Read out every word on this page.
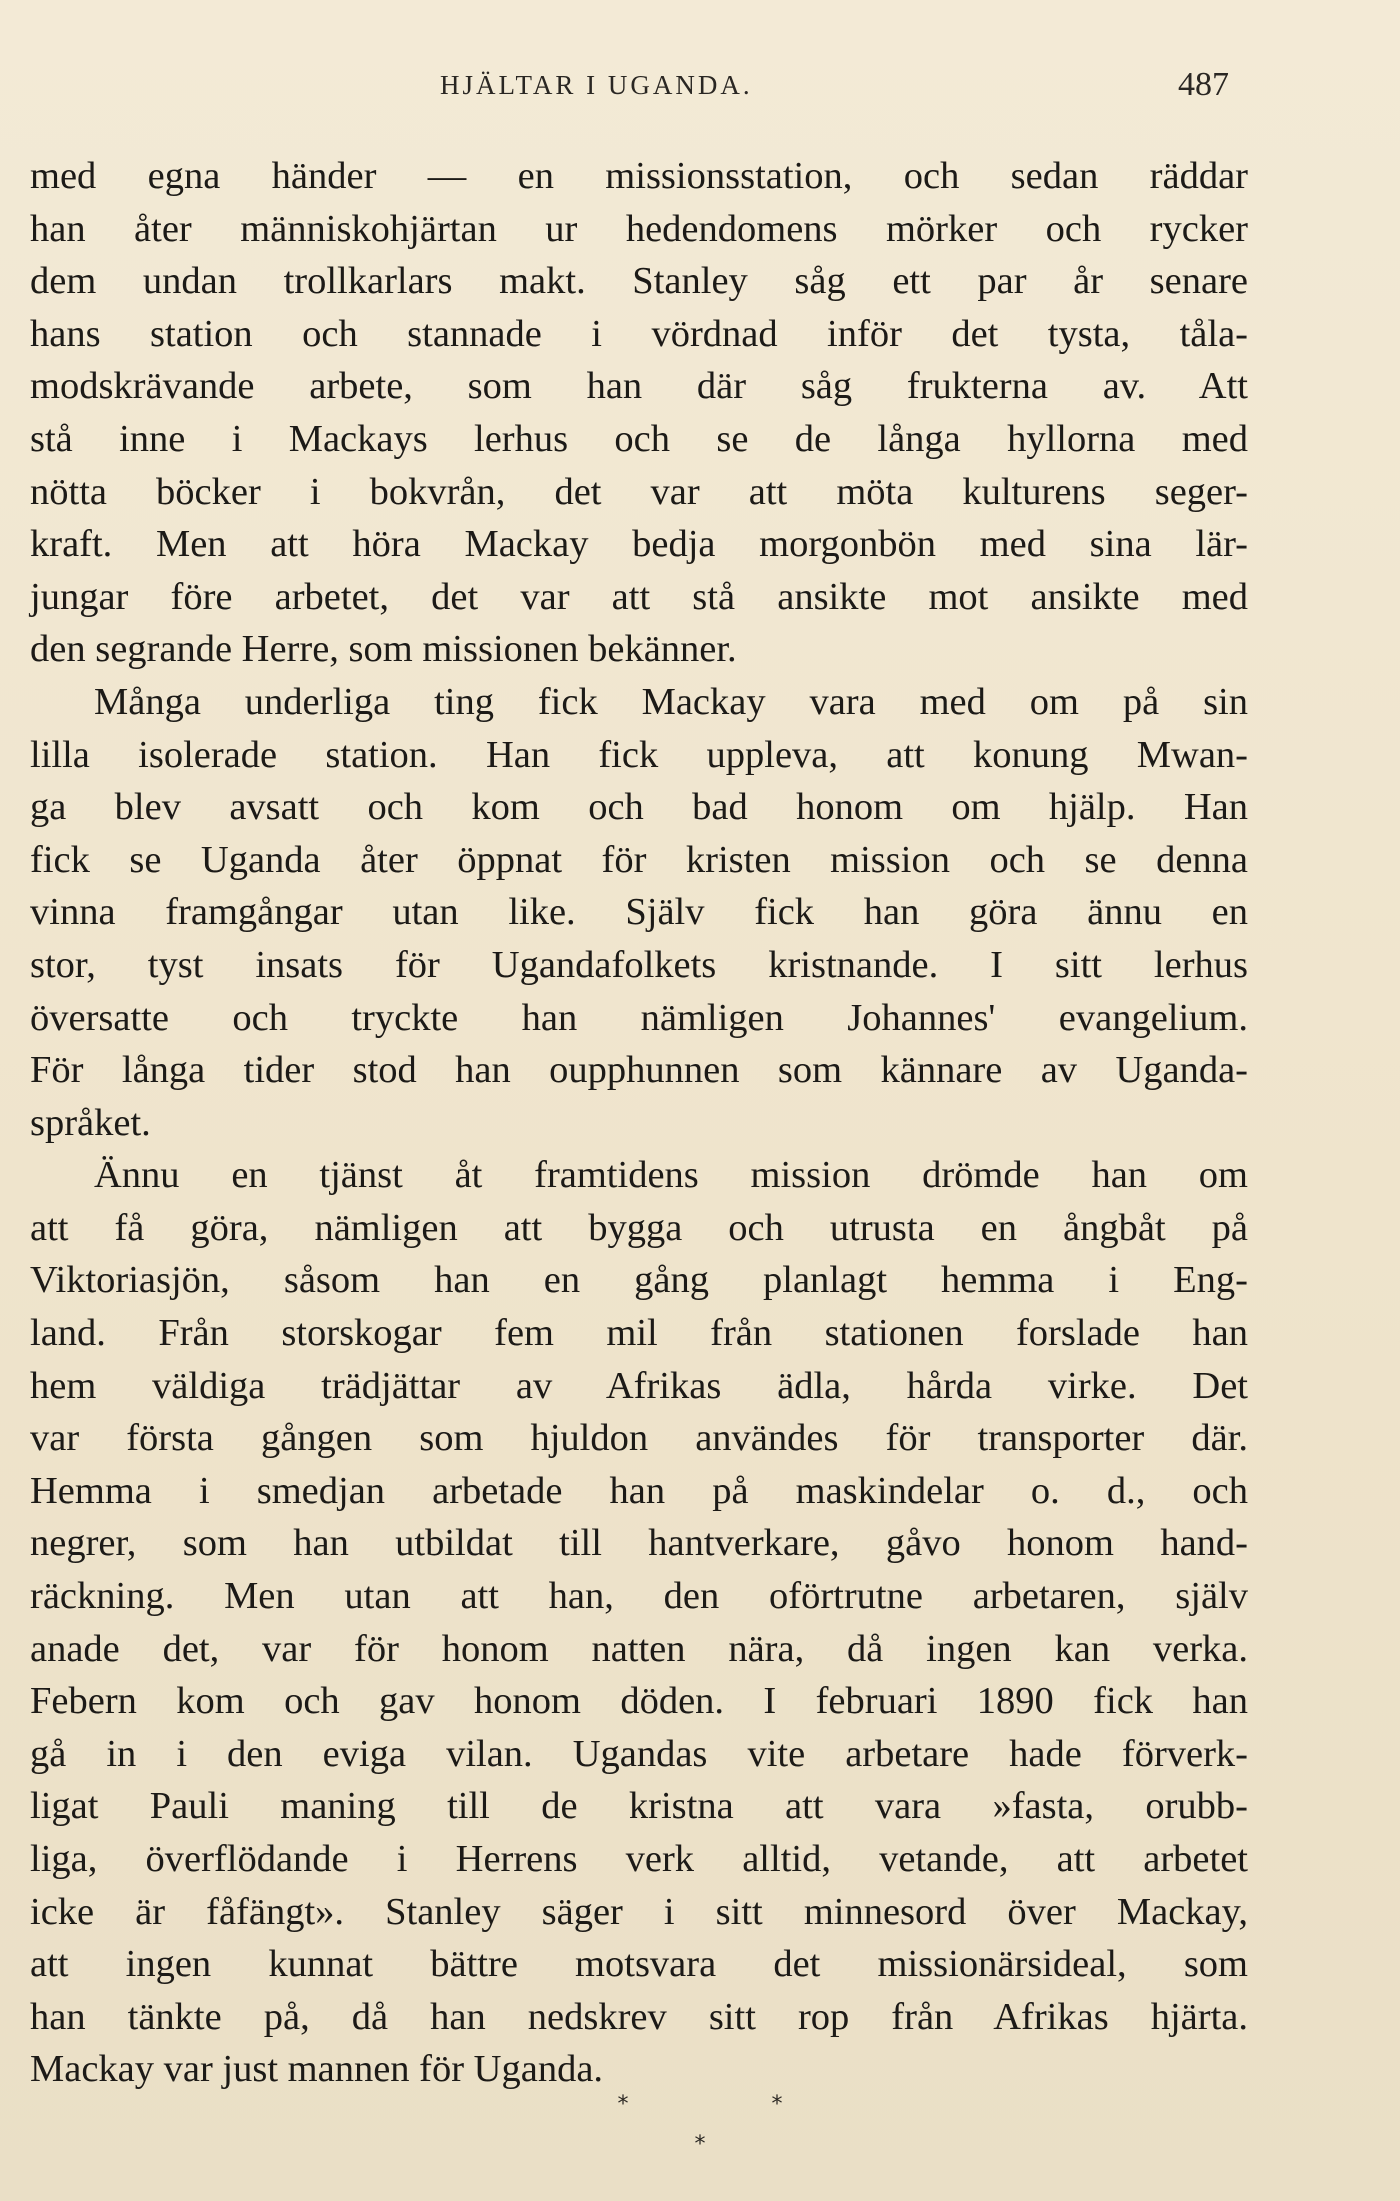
HJÄLTAR I UGANDA.	487
med egna händer — en missionsstation, och sedan räddar
han åter människohjärtan ur hedendomens mörker och rycker
dem undan trollkarlars makt. Stanley såg ett par år senare
hans station och stannade i vördnad inför det tysta, tåla-
modskrävande arbete, som han där såg frukterna av. Att
stå inne i Mackays lerhus och se de långa hyllorna med
nötta böcker i bokvrån, det var att möta kulturens seger-
kraft. Men att höra Mackay bedja morgonbön med sina lär-
jungar före arbetet, det var att stå ansikte mot ansikte med
den segrande Herre, som missionen bekänner.
Många underliga ting fick Mackay vara med om på sin
lilla isolerade station. Han fick uppleva, att konung Mwan-
ga blev avsatt och kom och bad honom om hjälp. Han
fick se Uganda åter öppnat för kristen mission och se denna
vinna framgångar utan like. Själv fick han göra ännu en
stor, tyst insats för Ugandafolkets kristnande. I sitt lerhus
översatte och tryckte han nämligen Johannes' evangelium.
För långa tider stod han oupphunnen som kännare av Uganda-
språket.
Ännu en tjänst åt framtidens mission drömde han om
att få göra, nämligen att bygga och utrusta en ångbåt på
Viktoriasjön, såsom han en gång planlagt hemma i Eng-
land. Från storskogar fem mil från stationen forslade han
hem väldiga trädjättar av Afrikas ädla, hårda virke. Det
var första gången som hjuldon användes för transporter där.
Hemma i smedjan arbetade han på maskindelar o. d., och
negrer, som han utbildat till hantverkare, gåvo honom hand-
räckning. Men utan att han, den oförtrutne arbetaren, själv
anade det, var för honom natten nära, då ingen kan verka.
Febern kom och gav honom döden. I februari 1890 fick han
gå in i den eviga vilan. Ugandas vite arbetare hade förverk-
ligat Pauli maning till de kristna att vara »fasta, orubb-
liga, överflödande i Herrens verk alltid, vetande, att arbetet
icke är fåfängt». Stanley säger i sitt minnesord över Mackay,
att ingen kunnat bättre motsvara det missionärsideal, som
han tänkte på, då han nedskrev sitt rop från Afrikas hjärta.
Mackay var just mannen för Uganda.
*	*
*
